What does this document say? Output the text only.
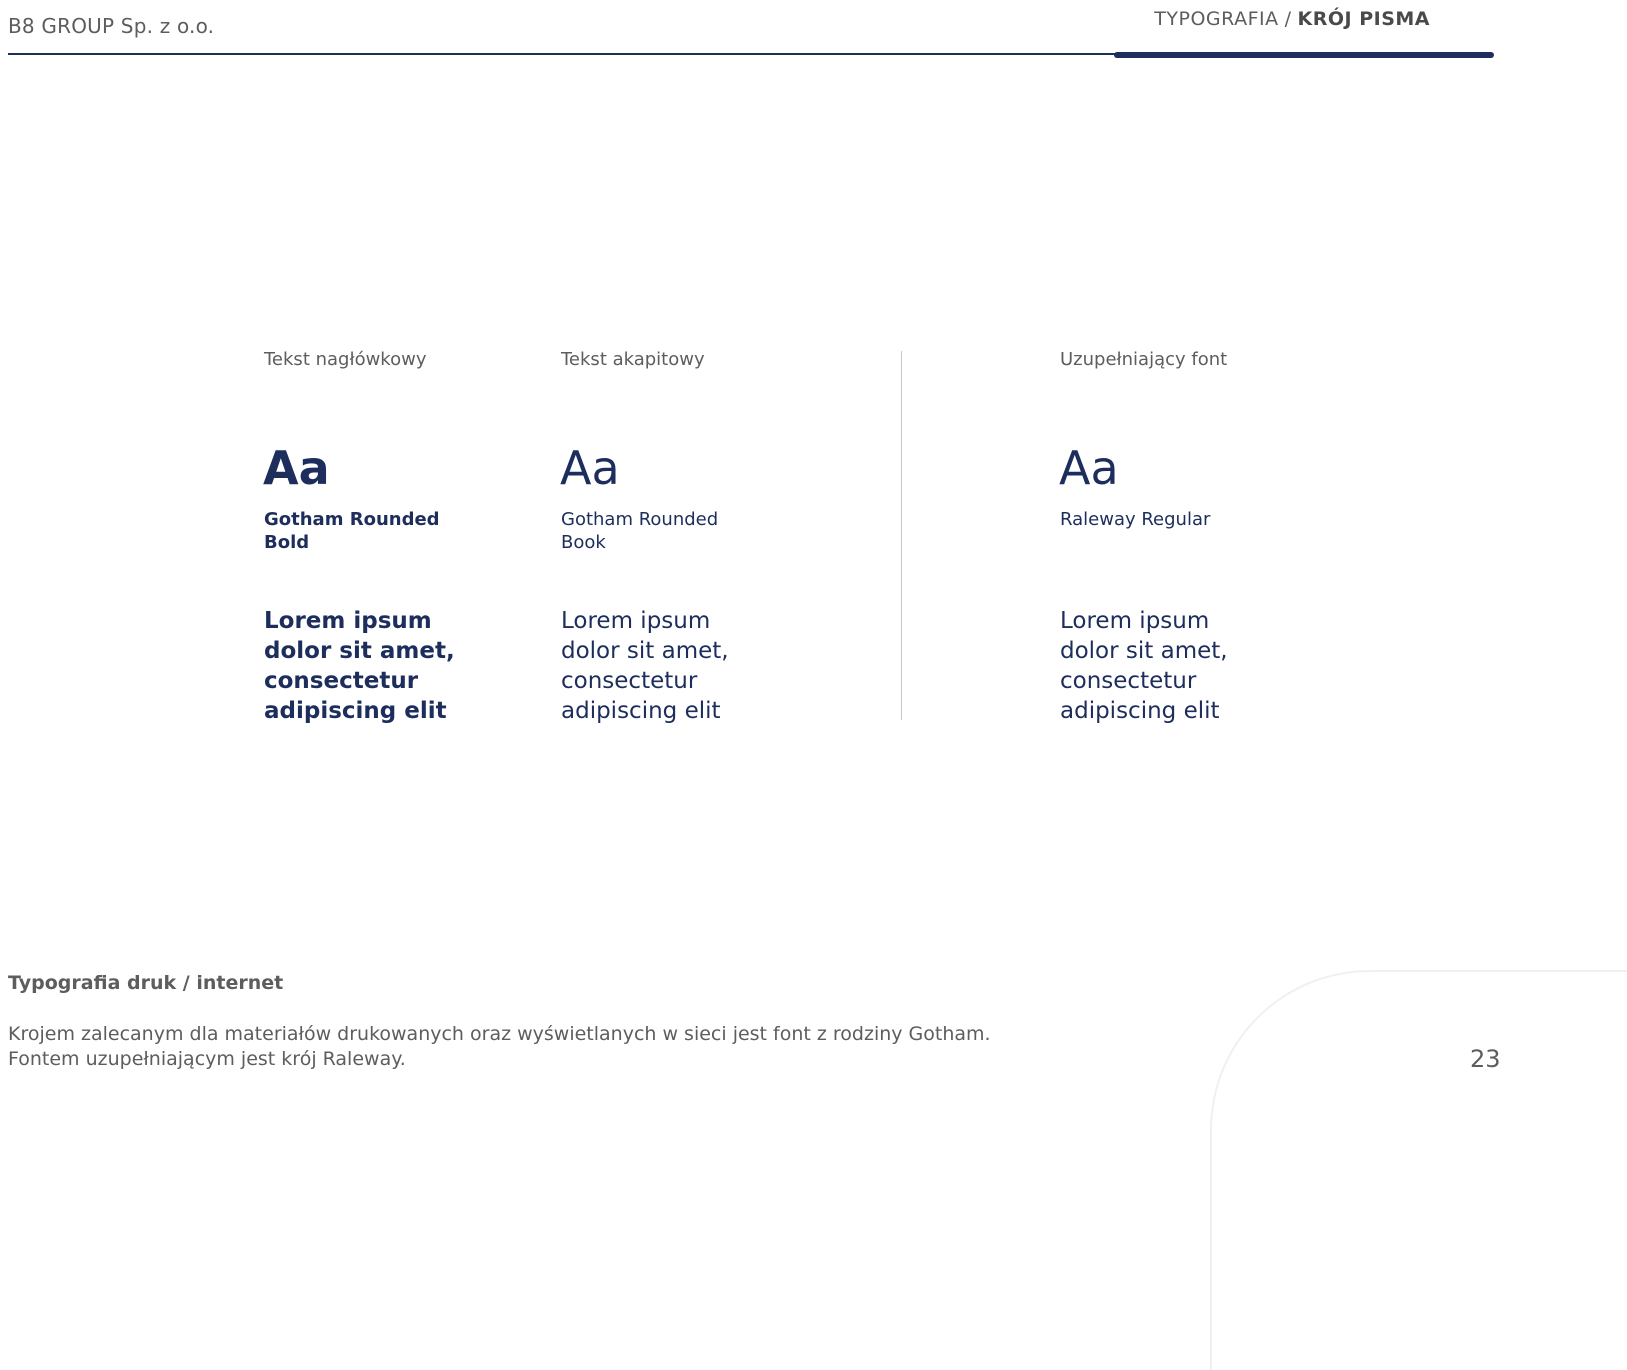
B8 GROUP Sp. z o.o.	TYPOGRAFIA / KRÓJ PISMA
Tekst nagłówkowy
Aa
Gotham Rounded
Bold
Lorem ipsum
dolor sit amet,
consectetur
adipiscing elit
Tekst akapitowy
Aa
Gotham Rounded
Book
Lorem ipsum
dolor sit amet,
consectetur
adipiscing elit
Uzupełniający font
Aa
Raleway Regular
Lorem ipsum
dolor sit amet,
consectetur
adipiscing elit
Typografia druk / internet
Krojem zalecanym dla materiałów drukowanych oraz wyświetlanych w sieci jest font z rodziny Gotham.
Fontem uzupełniającym jest krój Raleway.	23
